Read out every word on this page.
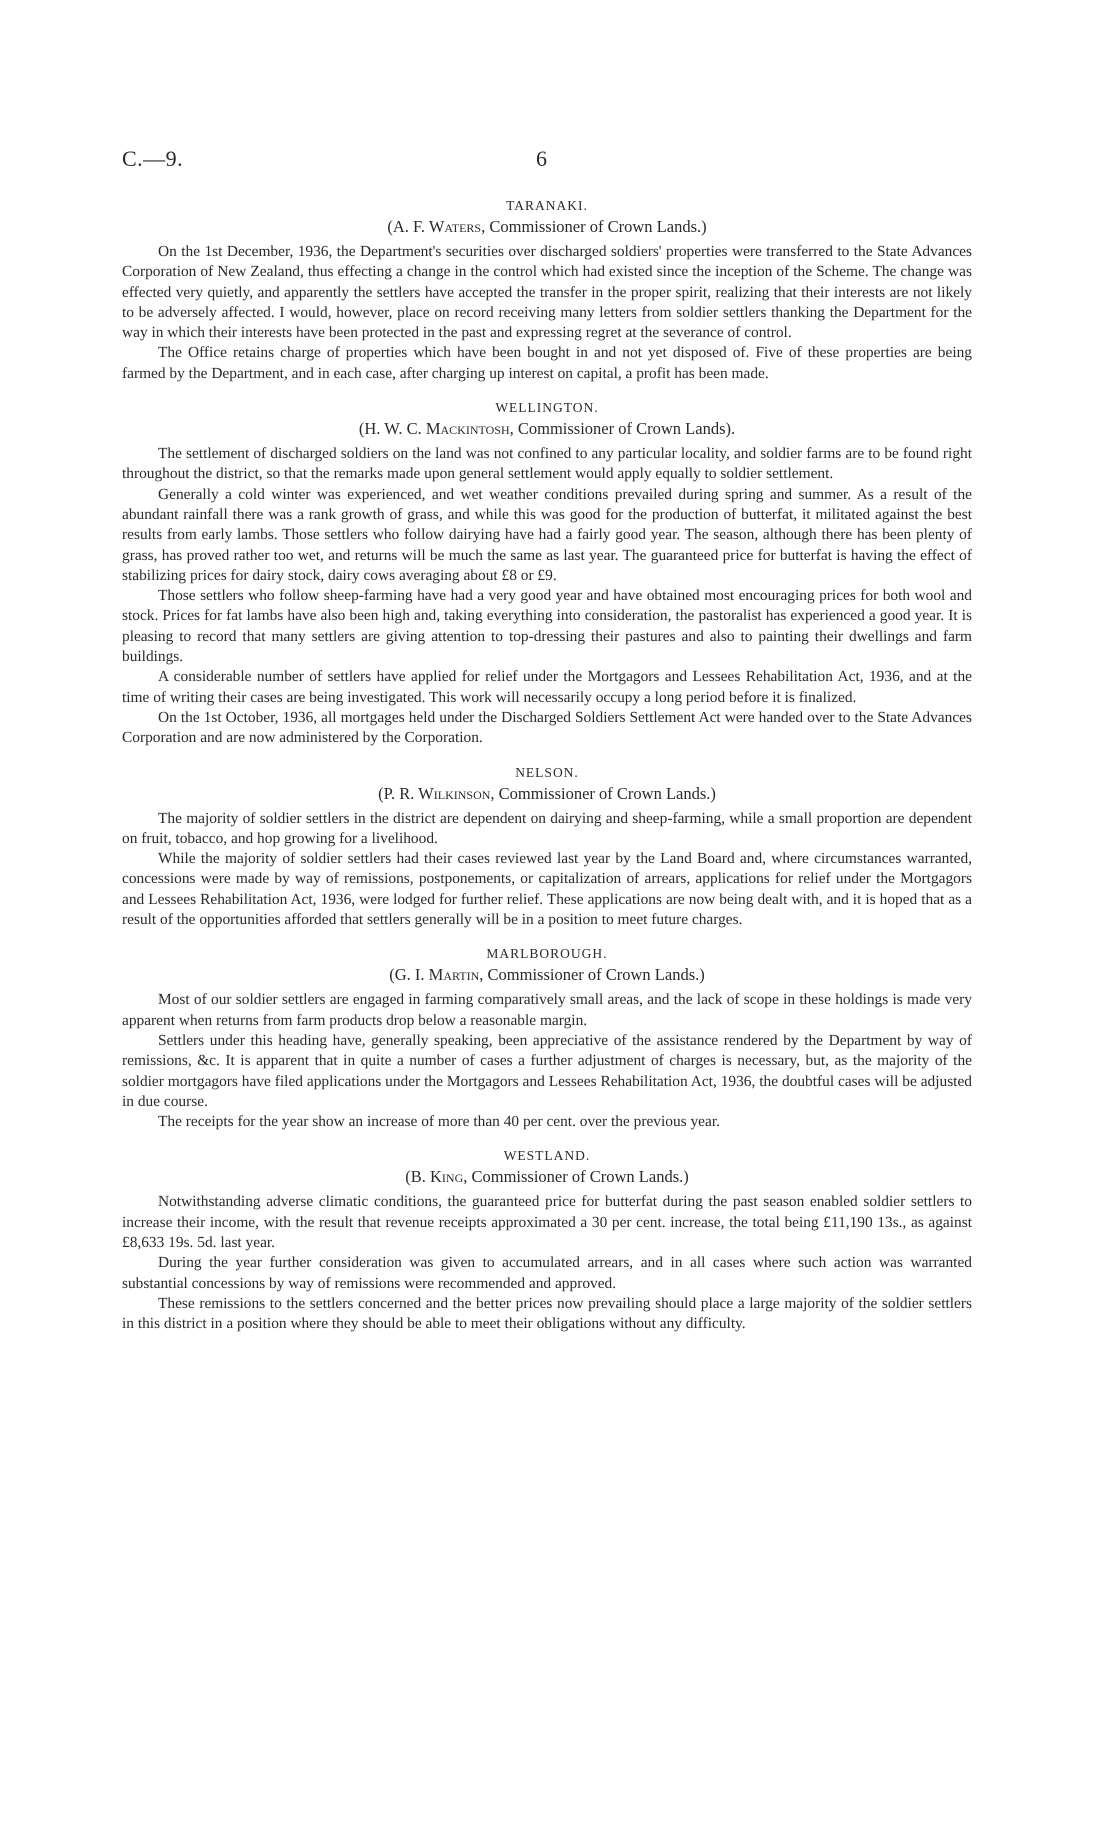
C.—9.	6
TARANAKI.

(A. F. Waters, Commissioner of Crown Lands.)

On the 1st December, 1936, the Department's securities over discharged soldiers' properties were transferred to the State Advances Corporation of New Zealand, thus effecting a change in the control which had existed since the inception of the Scheme. The change was effected very quietly, and apparently the settlers have accepted the transfer in the proper spirit, realizing that their interests are not likely to be adversely affected. I would, however, place on record receiving many letters from soldier settlers thanking the Department for the way in which their interests have been protected in the past and expressing regret at the severance of control.

The Office retains charge of properties which have been bought in and not yet disposed of. Five of these properties are being farmed by the Department, and in each case, after charging up interest on capital, a profit has been made.

WELLINGTON.

(H. W. C. Mackintosh, Commissioner of Crown Lands).

The settlement of discharged soldiers on the land was not confined to any particular locality, and soldier farms are to be found right throughout the district, so that the remarks made upon general settlement would apply equally to soldier settlement.

Generally a cold winter was experienced, and wet weather conditions prevailed during spring and summer. As a result of the abundant rainfall there was a rank growth of grass, and while this was good for the production of butterfat, it militated against the best results from early lambs. Those settlers who follow dairying have had a fairly good year. The season, although there has been plenty of grass, has proved rather too wet, and returns will be much the same as last year. The guaranteed price for butterfat is having the effect of stabilizing prices for dairy stock, dairy cows averaging about £8 or £9.

Those settlers who follow sheep-farming have had a very good year and have obtained most encouraging prices for both wool and stock. Prices for fat lambs have also been high and, taking everything into consideration, the pastoralist has experienced a good year. It is pleasing to record that many settlers are giving attention to top-dressing their pastures and also to painting their dwellings and farm buildings.

A considerable number of settlers have applied for relief under the Mortgagors and Lessees Rehabilitation Act, 1936, and at the time of writing their cases are being investigated. This work will necessarily occupy a long period before it is finalized.

On the 1st October, 1936, all mortgages held under the Discharged Soldiers Settlement Act were handed over to the State Advances Corporation and are now administered by the Corporation.

NELSON.

(P. R. Wilkinson, Commissioner of Crown Lands.)

The majority of soldier settlers in the district are dependent on dairying and sheep-farming, while a small proportion are dependent on fruit, tobacco, and hop growing for a livelihood.

While the majority of soldier settlers had their cases reviewed last year by the Land Board and, where circumstances warranted, concessions were made by way of remissions, postponements, or capitalization of arrears, applications for relief under the Mortgagors and Lessees Rehabilitation Act, 1936, were lodged for further relief. These applications are now being dealt with, and it is hoped that as a result of the opportunities afforded that settlers generally will be in a position to meet future charges.

MARLBOROUGH.

(G. I. Martin, Commissioner of Crown Lands.)

Most of our soldier settlers are engaged in farming comparatively small areas, and the lack of scope in these holdings is made very apparent when returns from farm products drop below a reasonable margin.

Settlers under this heading have, generally speaking, been appreciative of the assistance rendered by the Department by way of remissions, &c. It is apparent that in quite a number of cases a further adjustment of charges is necessary, but, as the majority of the soldier mortgagors have filed applications under the Mortgagors and Lessees Rehabilitation Act, 1936, the doubtful cases will be adjusted in due course.

The receipts for the year show an increase of more than 40 per cent. over the previous year.

WESTLAND.

(B. King, Commissioner of Crown Lands.)

Notwithstanding adverse climatic conditions, the guaranteed price for butterfat during the past season enabled soldier settlers to increase their income, with the result that revenue receipts approximated a 30 per cent. increase, the total being £11,190 13s., as against £8,633 19s. 5d. last year.

During the year further consideration was given to accumulated arrears, and in all cases where such action was warranted substantial concessions by way of remissions were recommended and approved.

These remissions to the settlers concerned and the better prices now prevailing should place a large majority of the soldier settlers in this district in a position where they should be able to meet their obligations without any difficulty.
